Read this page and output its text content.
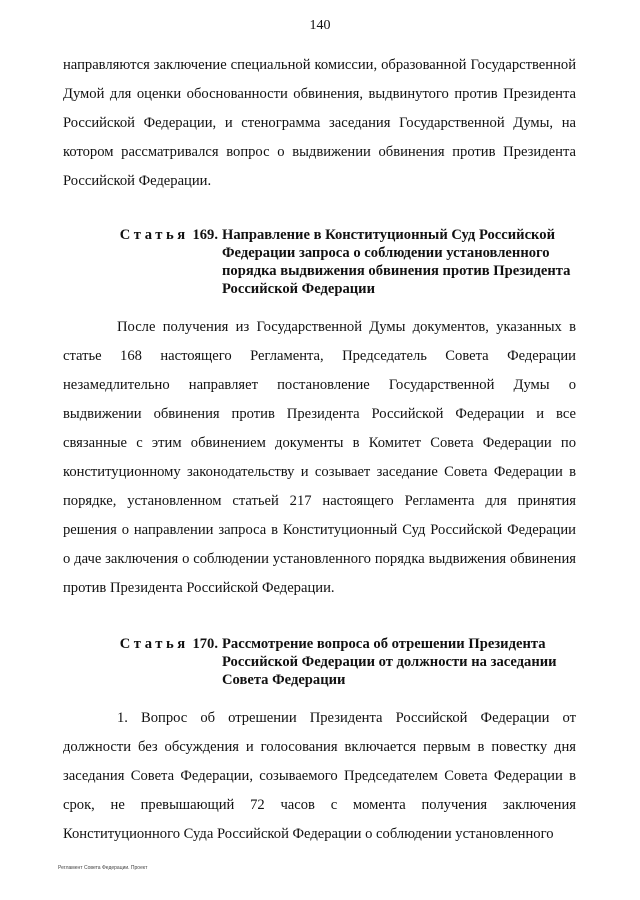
140

направляются заключение специальной комиссии, образованной Государственной Думой для оценки обоснованности обвинения, выдвинутого против Президента Российской Федерации, и стенограмма заседания Государственной Думы, на котором рассматривался вопрос о выдвижении обвинения против Президента Российской Федерации.

Статья 169. Направление в Конституционный Суд Российской Федерации запроса о соблюдении установленного порядка выдвижения обвинения против Президента Российской Федерации

После получения из Государственной Думы документов, указанных в статье 168 настоящего Регламента, Председатель Совета Федерации незамедлительно направляет постановление Государственной Думы о выдвижении обвинения против Президента Российской Федерации и все связанные с этим обвинением документы в Комитет Совета Федерации по конституционному законодательству и созывает заседание Совета Федерации в порядке, установленном статьей 217 настоящего Регламента для принятия решения о направлении запроса в Конституционный Суд Российской Федерации о даче заключения о соблюдении установленного порядка выдвижения обвинения против Президента Российской Федерации.

Статья 170. Рассмотрение вопроса об отрешении Президента Российской Федерации от должности на заседании Совета Федерации

1. Вопрос об отрешении Президента Российской Федерации от должности без обсуждения и голосования включается первым в повестку дня заседания Совета Федерации, созываемого Председателем Совета Федерации в срок, не превышающий 72 часов с момента получения заключения Конституционного Суда Российской Федерации о соблюдении установленного

Регламент Совета Федерации. Проект
